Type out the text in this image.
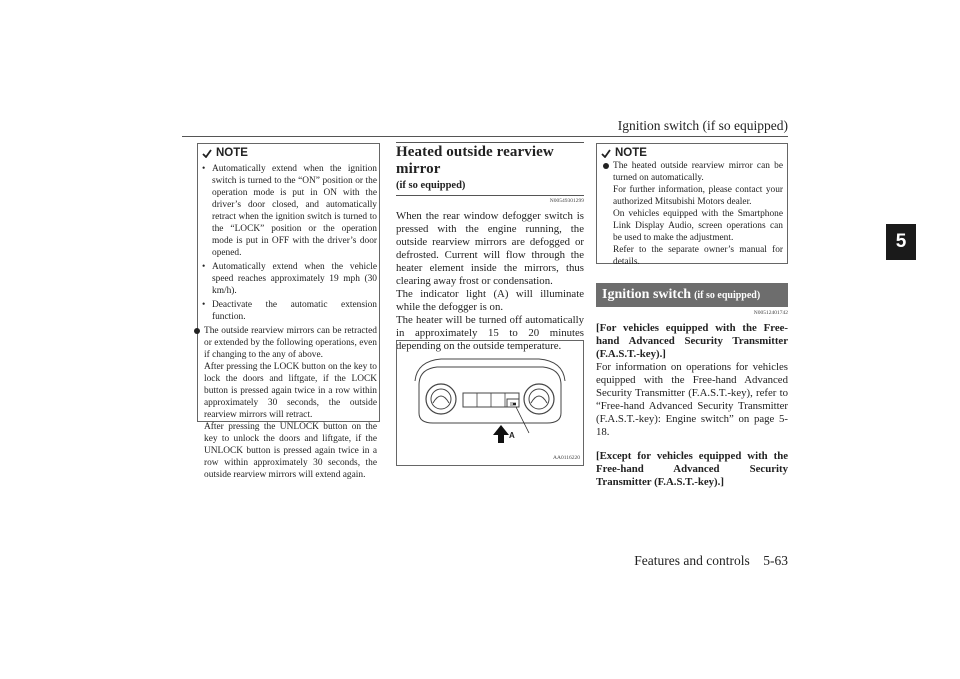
Ignition switch (if so equipped)
5
NOTE
• Automatically extend when the ignition switch is turned to the “ON” position or the operation mode is put in ON with the driver’s door closed, and automatically retract when the ignition switch is turned to the “LOCK” position or the operation mode is put in OFF with the driver’s door opened.
• Automatically extend when the vehicle speed reaches approximately 19 mph (30 km/h).
• Deactivate the automatic extension function.
The outside rearview mirrors can be retracted or extended by the following operations, even if changing to the any of above.
After pressing the LOCK button on the key to lock the doors and liftgate, if the LOCK button is pressed again twice in a row within approximately 30 seconds, the outside rearview mirrors will retract.
After pressing the UNLOCK button on the key to unlock the doors and liftgate, if the UNLOCK button is pressed again twice in a row within approximately 30 seconds, the outside rearview mirrors will extend again.
Heated outside rearview mirror
(if so equipped)
N00549301299
When the rear window defogger switch is pressed with the engine running, the outside rearview mirrors are defogged or defrosted. Current will flow through the heater element inside the mirrors, thus clearing away frost or condensation.
The indicator light (A) will illuminate while the defogger is on.
The heater will be turned off automatically in approximately 15 to 20 minutes depending on the outside temperature.
A
AA0116220
NOTE
The heated outside rearview mirror can be turned on automatically.
For further information, please contact your authorized Mitsubishi Motors dealer.
On vehicles equipped with the Smartphone Link Display Audio, screen operations can be used to make the adjustment.
Refer to the separate owner’s manual for details.
Ignition switch (if so equipped)
N00512401742
[For vehicles equipped with the Free-hand Advanced Security Transmitter (F.A.S.T.-key).]
For information on operations for vehicles equipped with the Free-hand Advanced Security Transmitter (F.A.S.T.-key), refer to “Free-hand Advanced Security Transmitter (F.A.S.T.-key): Engine switch” on page 5-18.
[Except for vehicles equipped with the Free-hand Advanced Security Transmitter (F.A.S.T.-key).]
Features and controls    5-63
